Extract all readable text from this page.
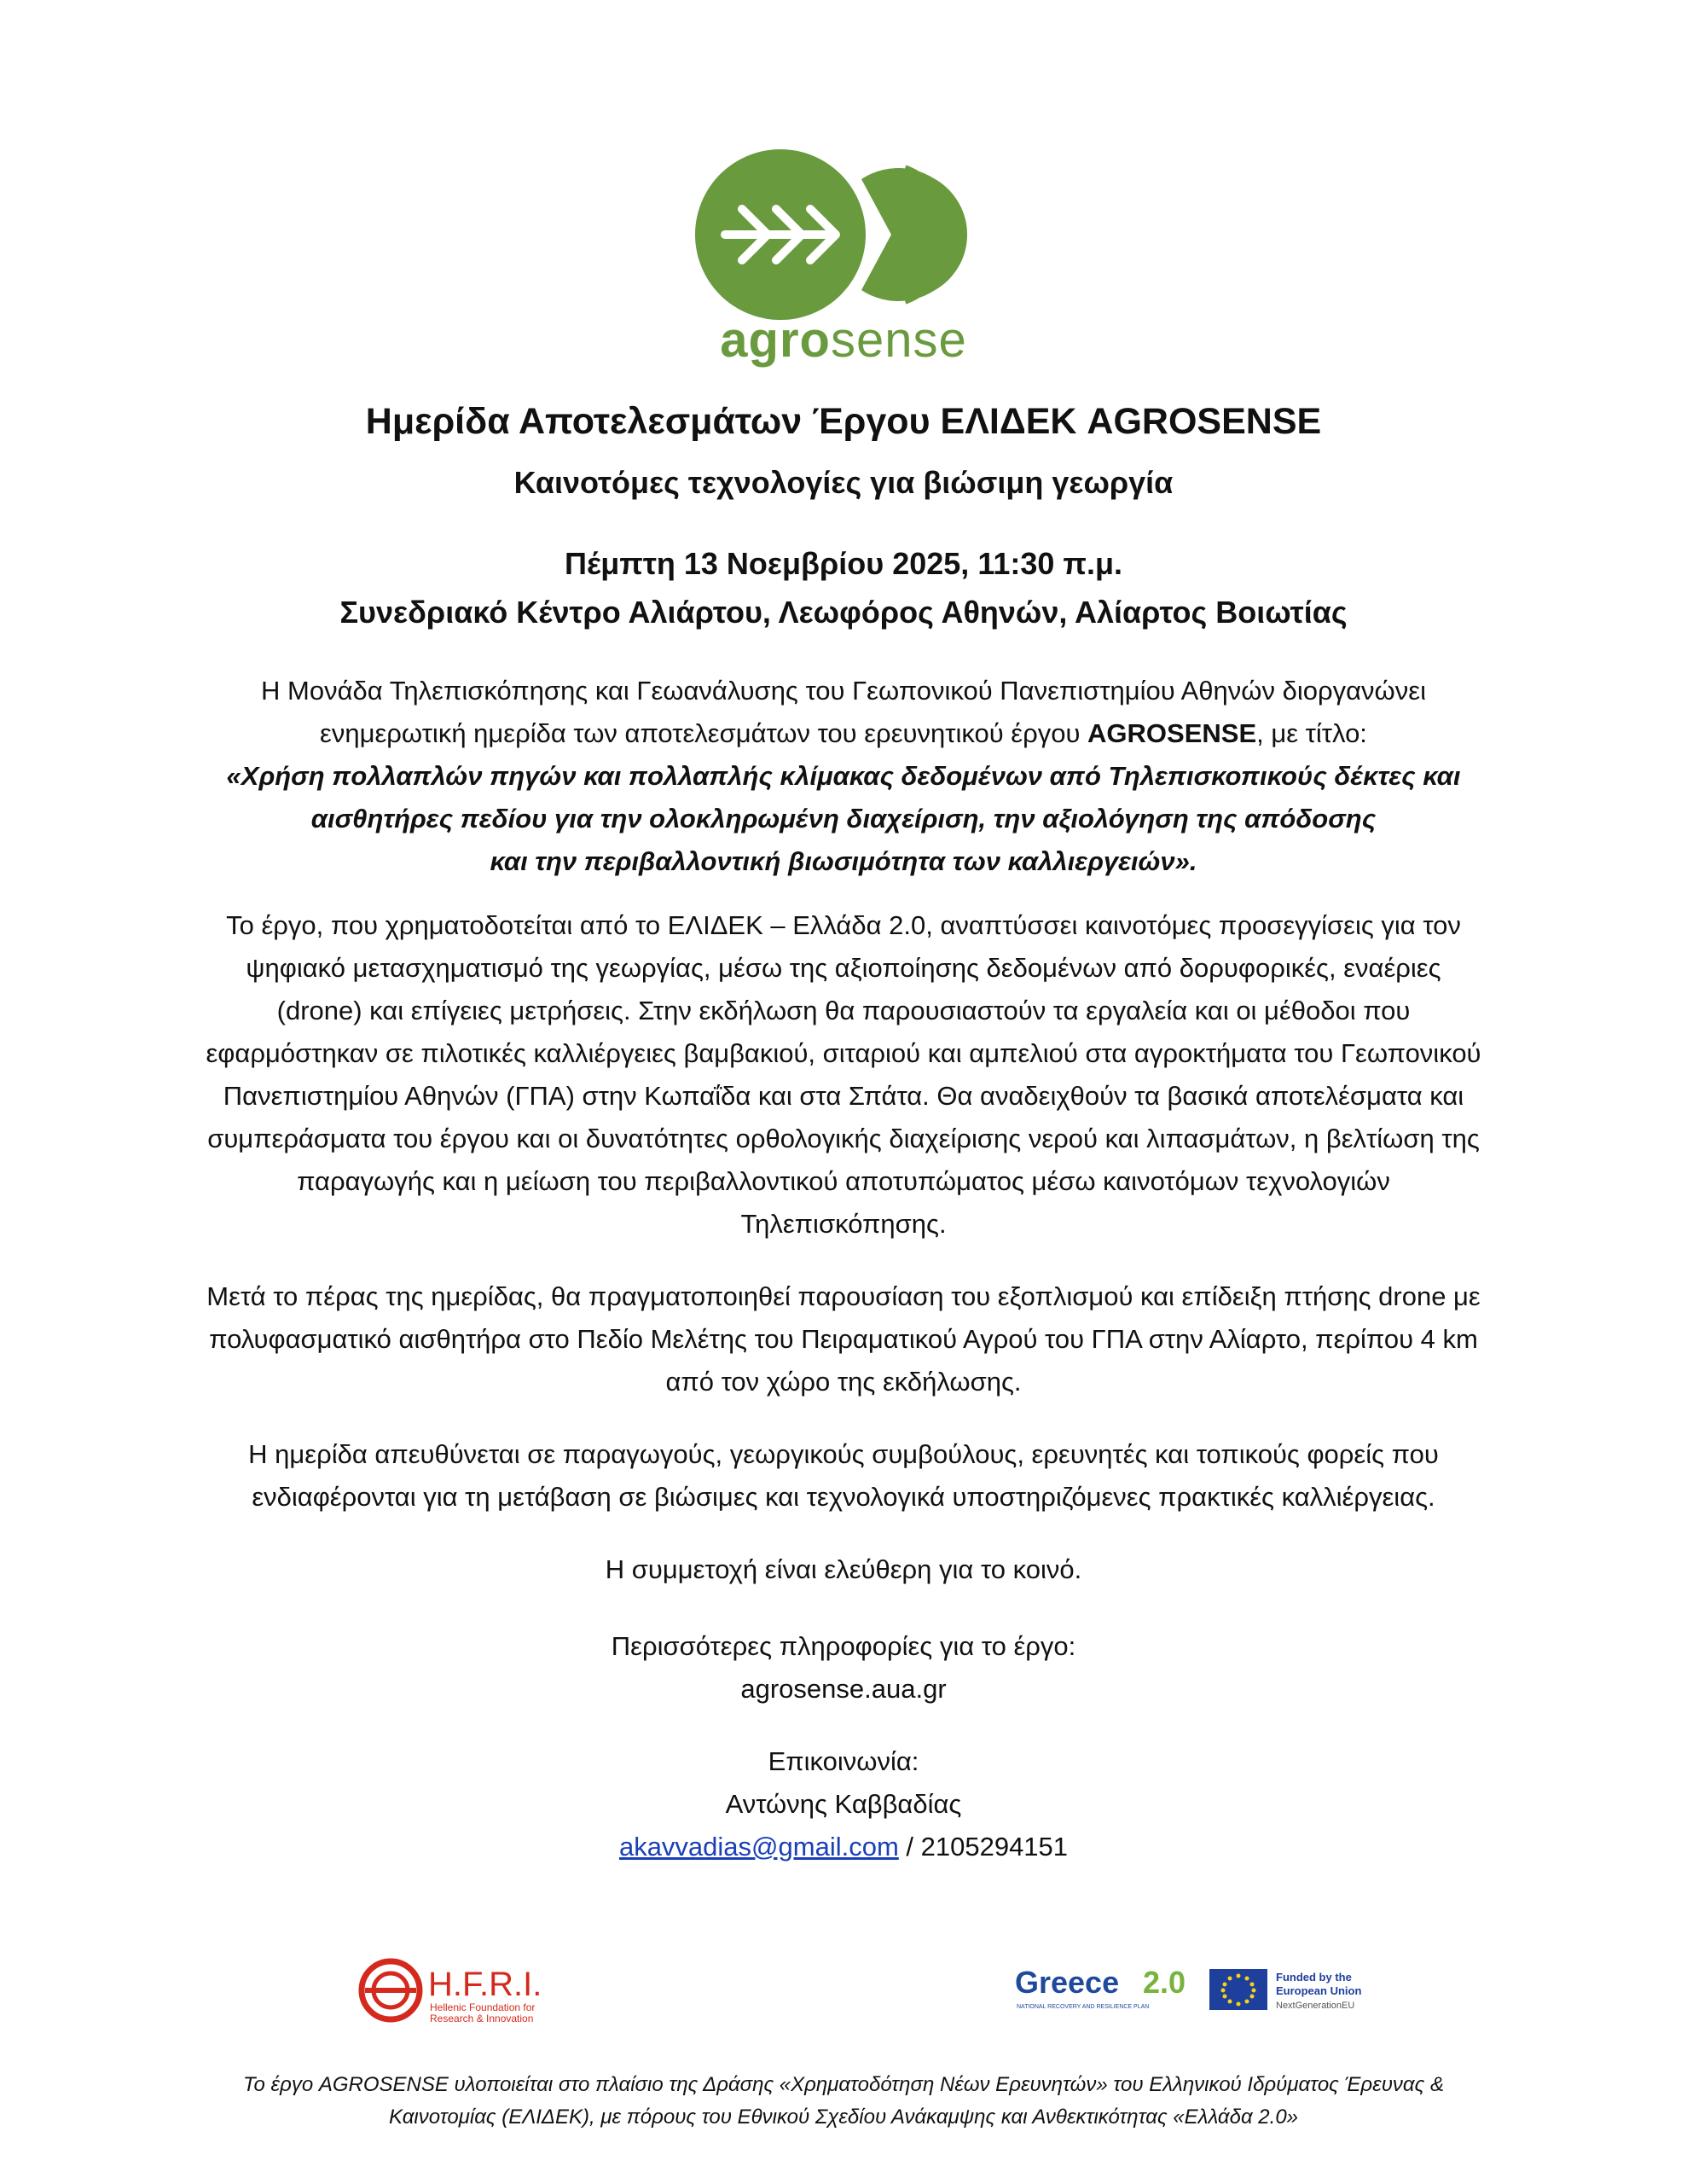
agrosense
Ημερίδα Αποτελεσμάτων Έργου ΕΛΙΔΕΚ AGROSENSE
Καινοτόμες τεχνολογίες για βιώσιμη γεωργία
Πέμπτη 13 Νοεμβρίου 2025, 11:30 π.μ.
Συνεδριακό Κέντρο Αλιάρτου, Λεωφόρος Αθηνών, Αλίαρτος Βοιωτίας
Η Μονάδα Τηλεπισκόπησης και Γεωανάλυσης του Γεωπονικού Πανεπιστημίου Αθηνών διοργανώνει
ενημερωτική ημερίδα των αποτελεσμάτων του ερευνητικού έργου AGROSENSE, με τίτλο:
«Χρήση πολλαπλών πηγών και πολλαπλής κλίμακας δεδομένων από Τηλεπισκοπικούς δέκτες και
αισθητήρες πεδίου για την ολοκληρωμένη διαχείριση, την αξιολόγηση της απόδοσης
και την περιβαλλοντική βιωσιμότητα των καλλιεργειών».
Το έργο, που χρηματοδοτείται από το ΕΛΙΔΕΚ – Ελλάδα 2.0, αναπτύσσει καινοτόμες προσεγγίσεις για τον
ψηφιακό μετασχηματισμό της γεωργίας, μέσω της αξιοποίησης δεδομένων από δορυφορικές, εναέριες
(drone) και επίγειες μετρήσεις. Στην εκδήλωση θα παρουσιαστούν τα εργαλεία και οι μέθοδοι που
εφαρμόστηκαν σε πιλοτικές καλλιέργειες βαμβακιού, σιταριού και αμπελιού στα αγροκτήματα του Γεωπονικού
Πανεπιστημίου Αθηνών (ΓΠΑ) στην Κωπαΐδα και στα Σπάτα. Θα αναδειχθούν τα βασικά αποτελέσματα και
συμπεράσματα του έργου και οι δυνατότητες ορθολογικής διαχείρισης νερού και λιπασμάτων, η βελτίωση της
παραγωγής και η μείωση του περιβαλλοντικού αποτυπώματος μέσω καινοτόμων τεχνολογιών
Τηλεπισκόπησης.
Μετά το πέρας της ημερίδας, θα πραγματοποιηθεί παρουσίαση του εξοπλισμού και επίδειξη πτήσης drone με
πολυφασματικό αισθητήρα στο Πεδίο Μελέτης του Πειραματικού Αγρού του ΓΠΑ στην Αλίαρτο, περίπου 4 km
από τον χώρο της εκδήλωσης.
Η ημερίδα απευθύνεται σε παραγωγούς, γεωργικούς συμβούλους, ερευνητές και τοπικούς φορείς που
ενδιαφέρονται για τη μετάβαση σε βιώσιμες και τεχνολογικά υποστηριζόμενες πρακτικές καλλιέργειας.
Η συμμετοχή είναι ελεύθερη για το κοινό.
Περισσότερες πληροφορίες για το έργο:
agrosense.aua.gr
Επικοινωνία:
Αντώνης Καββαδίας
akavvadias@gmail.com / 2105294151
H.F.R.I.
Hellenic Foundation for
Research & Innovation
Greece 2.0
NATIONAL RECOVERY AND RESILIENCE PLAN
Funded by the
European Union
NextGenerationEU
Το έργο AGROSENSE υλοποιείται στο πλαίσιο της Δράσης «Χρηματοδότηση Νέων Ερευνητών» του Ελληνικού Ιδρύματος Έρευνας &
Καινοτομίας (ΕΛΙΔΕΚ), με πόρους του Εθνικού Σχεδίου Ανάκαμψης και Ανθεκτικότητας «Ελλάδα 2.0»
